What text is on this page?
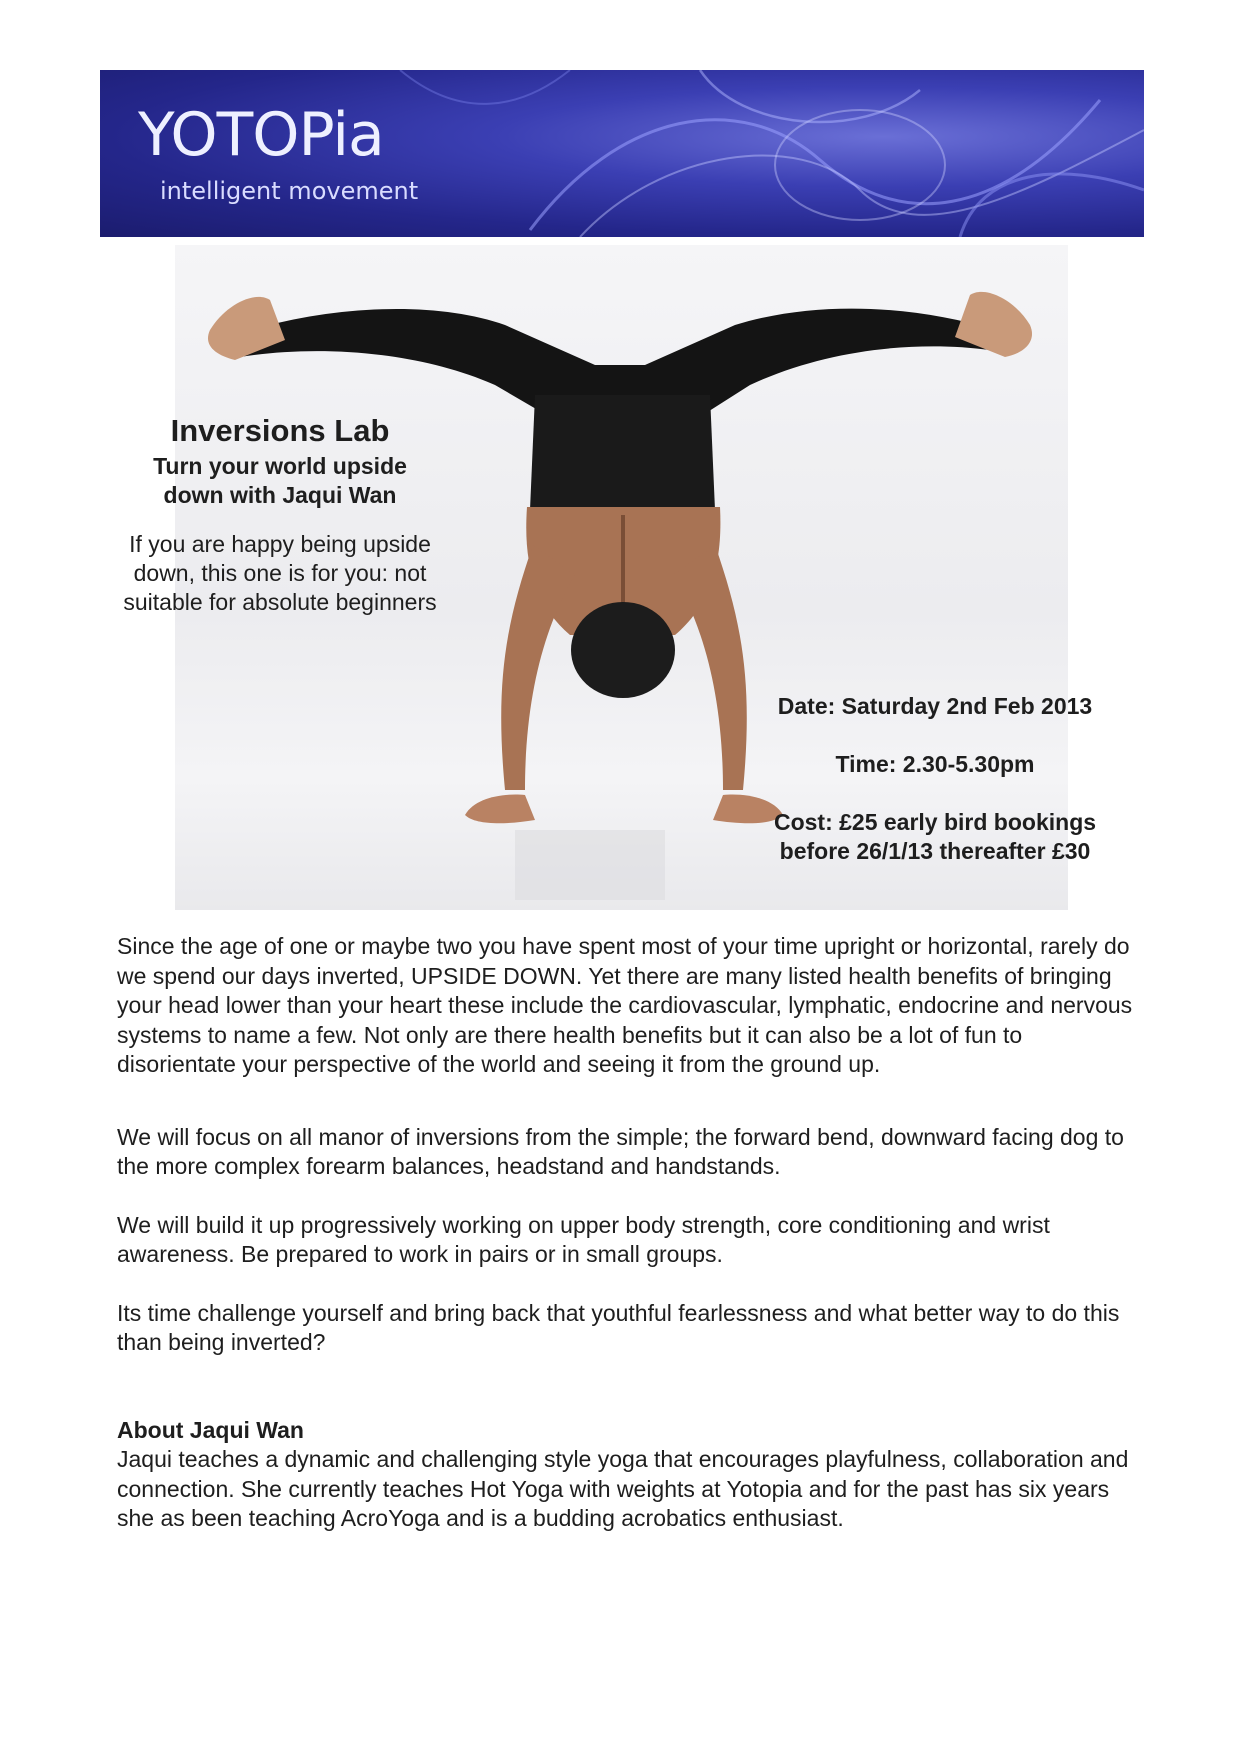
YOTOPia
intelligent movement

Inversions Lab

Turn your world upside
down with Jaqui Wan
If you are happy being upside
down, this one is for you: not
suitable for absolute beginners
Date: Saturday 2nd Feb 2013
Time: 2.30-5.30pm
Cost: £25 early bird bookings
before 26/1/13 thereafter £30

Since the age of one or maybe two you have spent most of your time upright or horizontal, rarely do we spend our days inverted, UPSIDE DOWN. Yet there are many listed health benefits of bringing your head lower than your heart these include the cardiovascular, lymphatic, endocrine and nervous systems to name a few. Not only are there health benefits but it can also be a lot of fun to disorientate your perspective of the world and seeing it from the ground up.

We will focus on all manor of inversions from the simple; the forward bend, downward facing dog to the more complex forearm balances, headstand and handstands.

We will build it up progressively working on upper body strength, core conditioning and wrist awareness. Be prepared to work in pairs or in small groups.

Its time challenge yourself and bring back that youthful fearlessness and what better way to do this than being inverted?

About Jaqui Wan

Jaqui teaches a dynamic and challenging style yoga that encourages playfulness, collaboration and connection. She currently teaches Hot Yoga with weights at Yotopia and for the past has six years she as been teaching AcroYoga and is a budding acrobatics enthusiast.
